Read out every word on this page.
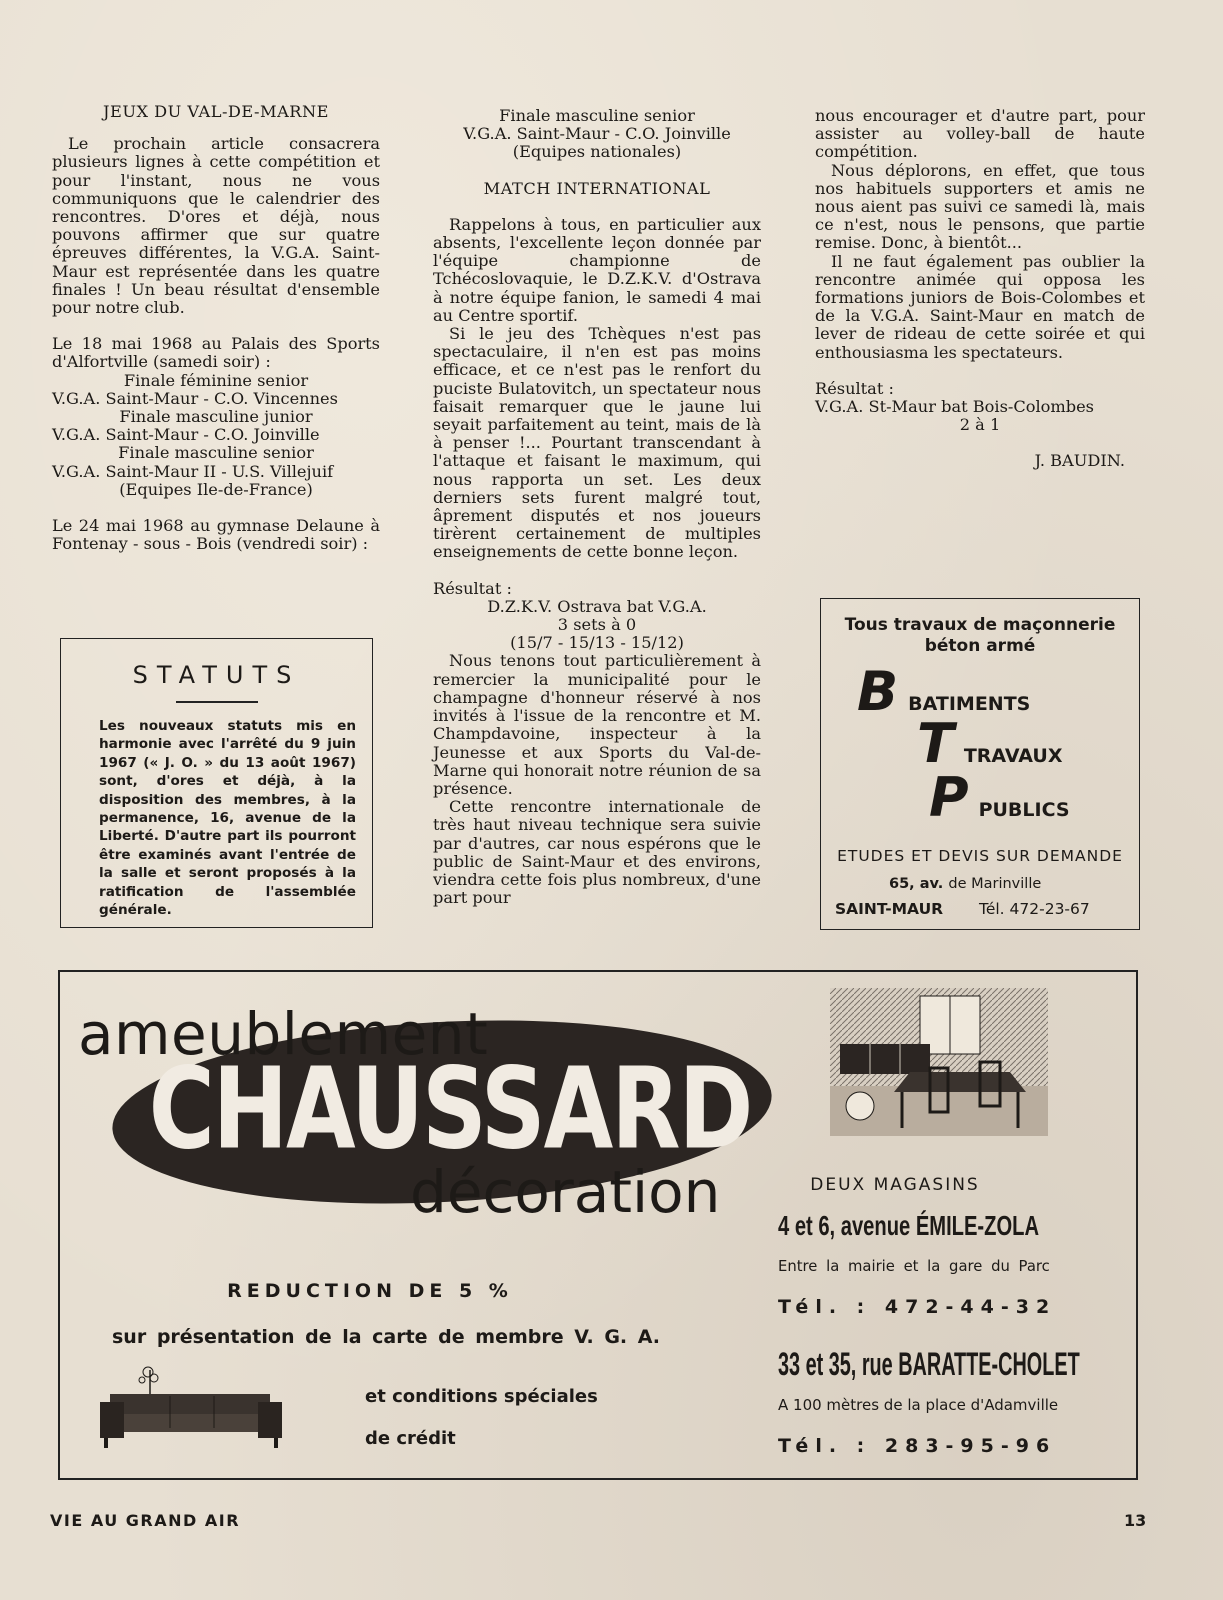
JEUX DU VAL-DE-MARNE

Le prochain article consacrera plusieurs lignes à cette compétition et pour l'instant, nous ne vous communiquons que le calendrier des rencontres. D'ores et déjà, nous pouvons affirmer que sur quatre épreuves différentes, la V.G.A. Saint-Maur est représentée dans les quatre finales ! Un beau résultat d'ensemble pour notre club.

Le 18 mai 1968 au Palais des Sports d'Alfortville (samedi soir) :

Finale féminine senior

V.G.A. Saint-Maur - C.O. Vincennes

Finale masculine junior

V.G.A. Saint-Maur - C.O. Joinville

Finale masculine senior

V.G.A. Saint-Maur II - U.S. Villejuif

(Equipes Ile-de-France)

Le 24 mai 1968 au gymnase Delaune à Fontenay - sous - Bois (vendredi soir) :

STATUTS

Les nouveaux statuts mis en harmonie avec l'arrêté du 9 juin 1967 (« J. O. » du 13 août 1967) sont, d'ores et déjà, à la disposition des membres, à la permanence, 16, avenue de la Liberté. D'autre part ils pourront être examinés avant l'entrée de la salle et seront proposés à la ratification de l'assemblée générale.

Finale masculine senior

V.G.A. Saint-Maur - C.O. Joinville

(Equipes nationales)

MATCH INTERNATIONAL

Rappelons à tous, en particulier aux absents, l'excellente leçon donnée par l'équipe championne de Tchécoslovaquie, le D.Z.K.V. d'Ostrava à notre équipe fanion, le samedi 4 mai au Centre sportif.

Si le jeu des Tchèques n'est pas spectaculaire, il n'en est pas moins efficace, et ce n'est pas le renfort du puciste Bulatovitch, un spectateur nous faisait remarquer que le jaune lui seyait parfaitement au teint, mais de là à penser !... Pourtant transcendant à l'attaque et faisant le maximum, qui nous rapporta un set. Les deux derniers sets furent malgré tout, âprement disputés et nos joueurs tirèrent certainement de multiples enseignements de cette bonne leçon.

Résultat :

D.Z.K.V. Ostrava bat V.G.A.

3 sets à 0

(15/7 - 15/13 - 15/12)

Nous tenons tout particulièrement à remercier la municipalité pour le champagne d'honneur réservé à nos invités à l'issue de la rencontre et M. Champdavoine, inspecteur à la Jeunesse et aux Sports du Val-de-Marne qui honorait notre réunion de sa présence.

Cette rencontre internationale de très haut niveau technique sera suivie par d'autres, car nous espérons que le public de Saint-Maur et des environs, viendra cette fois plus nombreux, d'une part pour

nous encourager et d'autre part, pour assister au volley-ball de haute compétition.

Nous déplorons, en effet, que tous nos habituels supporters et amis ne nous aient pas suivi ce samedi là, mais ce n'est, nous le pensons, que partie remise. Donc, à bientôt...

Il ne faut également pas oublier la rencontre animée qui opposa les formations juniors de Bois-Colombes et de la V.G.A. Saint-Maur en match de lever de rideau de cette soirée et qui enthousiasma les spectateurs.

Résultat :

V.G.A. St-Maur bat Bois-Colombes

2 à 1

J. BAUDIN.

Tous travaux de maçonnerie
béton armé
B BATIMENTS
T TRAVAUX
P PUBLICS
ETUDES ET DEVIS SUR DEMANDE
65, av. de Marinville
SAINT-MAUR Tél. 472-23-67
ameublement
CHAUSSARD
décoration
REDUCTION DE 5 %
sur présentation de la carte de membre V. G. A.
et conditions spéciales
de crédit
DEUX MAGASINS
4 et 6, avenue ÉMILE-ZOLA
Entre la mairie et la gare du Parc
Tél. : 472-44-32
33 et 35, rue BARATTE-CHOLET
A 100 mètres de la place d'Adamville
Tél. : 283-95-96
VIE AU GRAND AIR	13
